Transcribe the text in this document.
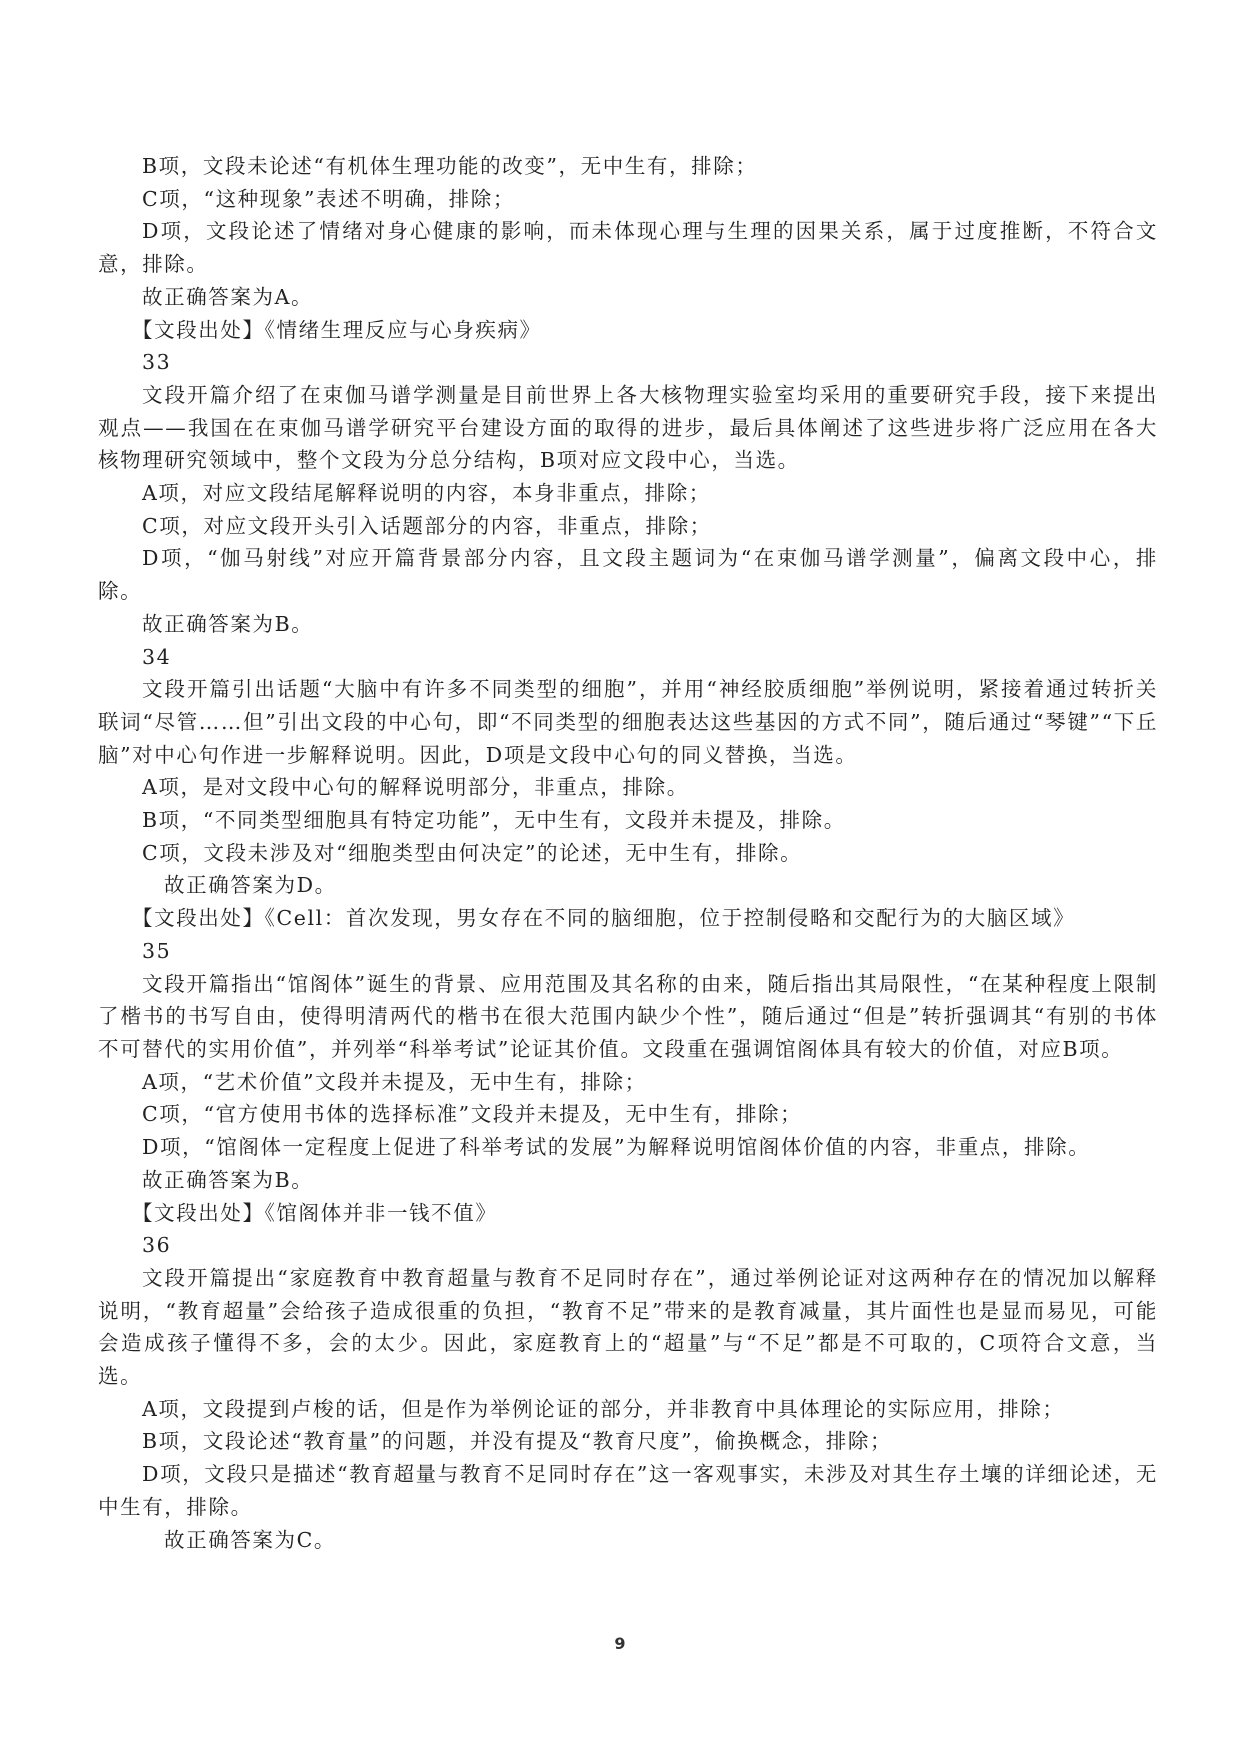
B项，文段未论述“有机体生理功能的改变”，无中生有，排除；

C项，“这种现象”表述不明确，排除；

D项，文段论述了情绪对身心健康的影响，而未体现心理与生理的因果关系，属于过度推断，不符合文意，排除。

故正确答案为A。

【文段出处】《情绪生理反应与心身疾病》

33

文段开篇介绍了在束伽马谱学测量是目前世界上各大核物理实验室均采用的重要研究手段，接下来提出观点——我国在在束伽马谱学研究平台建设方面的取得的进步，最后具体阐述了这些进步将广泛应用在各大核物理研究领域中，整个文段为分总分结构，B项对应文段中心，当选。

A项，对应文段结尾解释说明的内容，本身非重点，排除；

C项，对应文段开头引入话题部分的内容，非重点，排除；

D项，“伽马射线”对应开篇背景部分内容，且文段主题词为“在束伽马谱学测量”，偏离文段中心，排除。

故正确答案为B。

34

文段开篇引出话题“大脑中有许多不同类型的细胞”，并用“神经胶质细胞”举例说明，紧接着通过转折关联词“尽管……但”引出文段的中心句，即“不同类型的细胞表达这些基因的方式不同”，随后通过“琴键”“下丘脑”对中心句作进一步解释说明。因此，D项是文段中心句的同义替换，当选。

A项，是对文段中心句的解释说明部分，非重点，排除。

B项，“不同类型细胞具有特定功能”，无中生有，文段并未提及，排除。

C项，文段未涉及对“细胞类型由何决定”的论述，无中生有，排除。

故正确答案为D。

【文段出处】《Cell：首次发现，男女存在不同的脑细胞，位于控制侵略和交配行为的大脑区域》

35

文段开篇指出“馆阁体”诞生的背景、应用范围及其名称的由来，随后指出其局限性，“在某种程度上限制了楷书的书写自由，使得明清两代的楷书在很大范围内缺少个性”，随后通过“但是”转折强调其“有别的书体不可替代的实用价值”，并列举“科举考试”论证其价值。文段重在强调馆阁体具有较大的价值，对应B项。

A项，“艺术价值”文段并未提及，无中生有，排除；

C项，“官方使用书体的选择标准”文段并未提及，无中生有，排除；

D项，“馆阁体一定程度上促进了科举考试的发展”为解释说明馆阁体价值的内容，非重点，排除。

故正确答案为B。

【文段出处】《馆阁体并非一钱不值》

36

文段开篇提出“家庭教育中教育超量与教育不足同时存在”，通过举例论证对这两种存在的情况加以解释说明，“教育超量”会给孩子造成很重的负担，“教育不足”带来的是教育减量，其片面性也是显而易见，可能会造成孩子懂得不多，会的太少。因此，家庭教育上的“超量”与“不足”都是不可取的，C项符合文意，当选。

A项，文段提到卢梭的话，但是作为举例论证的部分，并非教育中具体理论的实际应用，排除；

B项，文段论述“教育量”的问题，并没有提及“教育尺度”，偷换概念，排除；

D项，文段只是描述“教育超量与教育不足同时存在”这一客观事实，未涉及对其生存土壤的详细论述，无中生有，排除。

故正确答案为C。

9
